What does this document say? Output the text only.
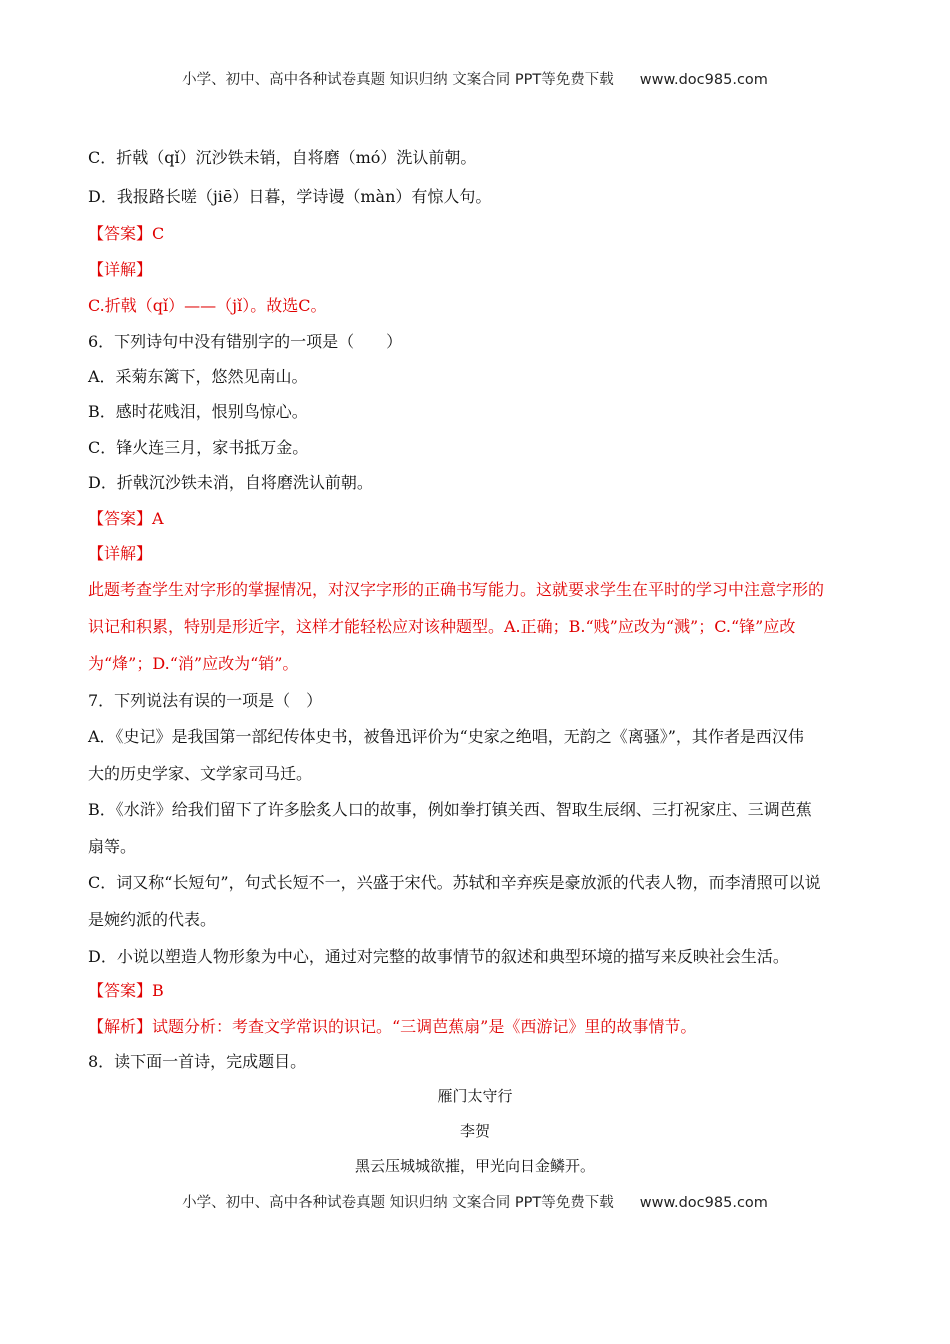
小学、初中、高中各种试卷真题 知识归纳 文案合同 PPT等免费下载 www.doc985.com
C．折戟（qǐ）沉沙铁未销，自将磨（mó）洗认前朝。
D．我报路长嗟（jiē）日暮，学诗谩（màn）有惊人句。
【答案】C
【详解】
C.折戟（qǐ）——（jǐ）。故选C。
6．下列诗句中没有错别字的一项是（　　）
A．采菊东篱下，悠然见南山。
B．感时花贱泪，恨别鸟惊心。
C．锋火连三月，家书抵万金。
D．折戟沉沙铁未消，自将磨洗认前朝。
【答案】A
【详解】
此题考查学生对字形的掌握情况，对汉字字形的正确书写能力。这就要求学生在平时的学习中注意字形的
识记和积累，特别是形近字，这样才能轻松应对该种题型。A.正确；B.“贱”应改为“溅”；C.“锋”应改
为“烽”；D.“消”应改为“销”。
7．下列说法有误的一项是（　）
A．《史记》是我国第一部纪传体史书，被鲁迅评价为“史家之绝唱，无韵之《离骚》”，其作者是西汉伟
大的历史学家、文学家司马迁。
B．《水浒》给我们留下了许多脍炙人口的故事，例如拳打镇关西、智取生辰纲、三打祝家庄、三调芭蕉
扇等。
C．词又称“长短句”，句式长短不一，兴盛于宋代。苏轼和辛弃疾是豪放派的代表人物，而李清照可以说
是婉约派的代表。
D．小说以塑造人物形象为中心，通过对完整的故事情节的叙述和典型环境的描写来反映社会生活。
【答案】B
【解析】试题分析：考查文学常识的识记。“三调芭蕉扇”是《西游记》里的故事情节。
8．读下面一首诗，完成题目。
雁门太守行
李贺
黑云压城城欲摧，甲光向日金鳞开。
小学、初中、高中各种试卷真题 知识归纳 文案合同 PPT等免费下载 www.doc985.com
